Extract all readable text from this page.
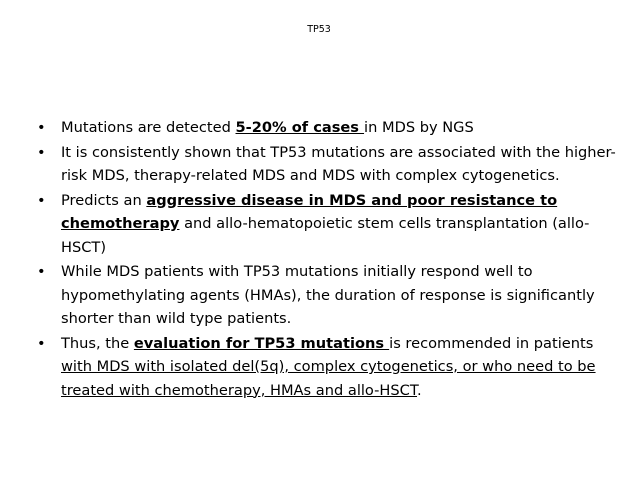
TP53
• Mutations are detected 5-20% of cases in MDS by NGS
• It is consistently shown that TP53 mutations are associated with the higher-risk MDS, therapy-related MDS and MDS with complex cytogenetics.
• Predicts an aggressive disease in MDS and poor resistance to chemotherapy and allo-hematopoietic stem cells transplantation (allo-HSCT)
• While MDS patients with TP53 mutations initially respond well to hypomethylating agents (HMAs), the duration of response is significantly shorter than wild type patients.
• Thus, the evaluation for TP53 mutations is recommended in patients with MDS with isolated del(5q), complex cytogenetics, or who need to be treated with chemotherapy, HMAs and allo-HSCT.
